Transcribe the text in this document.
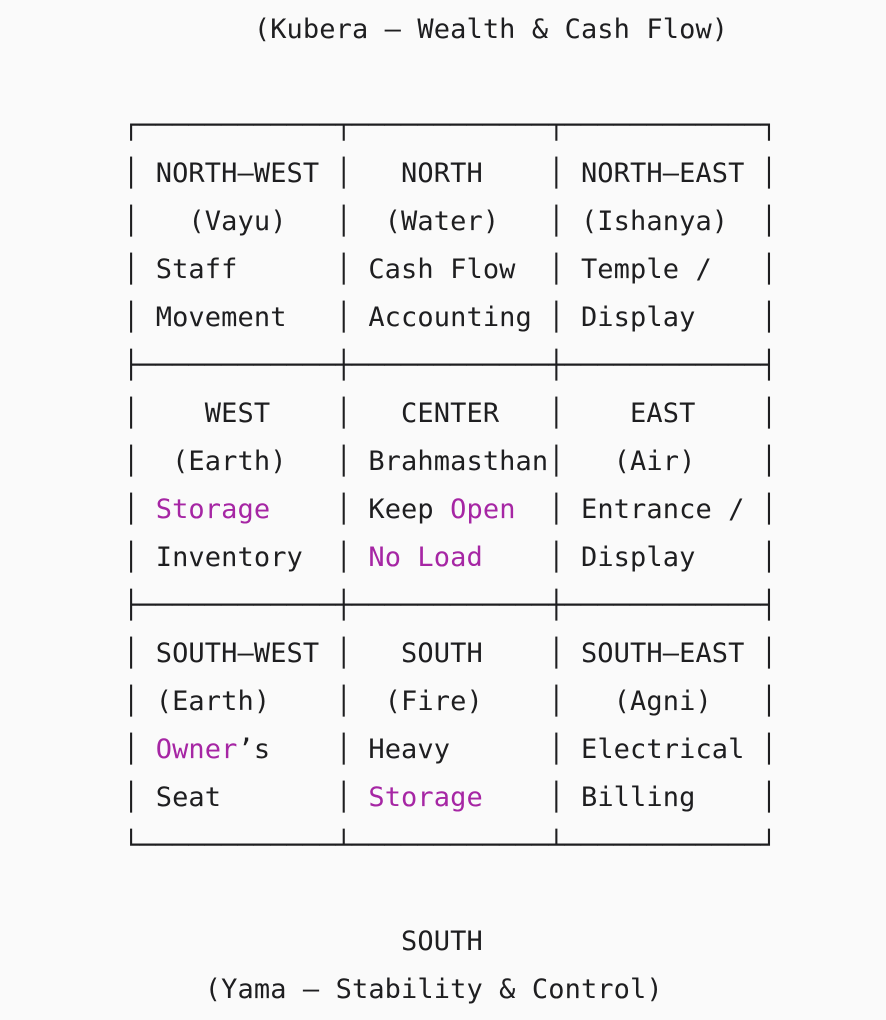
(Kubera — Wealth & Cash Flow)
┌────────────┬────────────┬────────────┐
│ NORTH–WEST │   NORTH    │ NORTH–EAST │
│   (Vayu)   │  (Water)   │ (Ishanya)  │
│ Staff      │ Cash Flow  │ Temple /   │
│ Movement   │ Accounting │ Display    │
├────────────┼────────────┼────────────┤
│    WEST    │   CENTER   │    EAST    │
│  (Earth)   │ Brahmasthan│   (Air)    │
│ Storage    │ Keep Open  │ Entrance / │
│ Inventory  │ No Load    │ Display    │
├────────────┼────────────┼────────────┤
│ SOUTH–WEST │   SOUTH    │ SOUTH–EAST │
│ (Earth)    │  (Fire)    │   (Agni)   │
│ Owner’s    │ Heavy      │ Electrical │
│ Seat       │ Storage    │ Billing    │
└────────────┴────────────┴────────────┘
SOUTH
(Yama — Stability & Control)
